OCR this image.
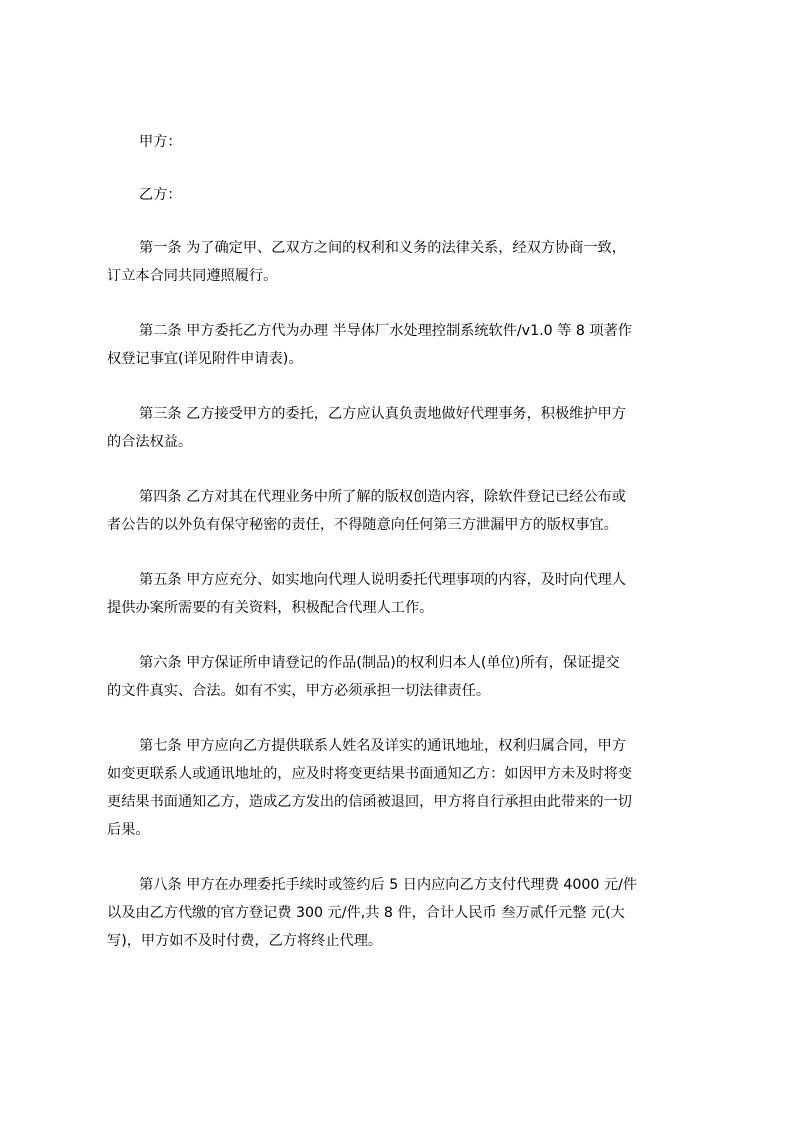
甲方：
乙方：
第一条 为了确定甲、乙双方之间的权利和义务的法律关系，经双方协商一致，
订立本合同共同遵照履行。
第二条 甲方委托乙方代为办理 半导体厂水处理控制系统软件/v1.0 等 8 项著作
权登记事宜(详见附件申请表)。
第三条 乙方接受甲方的委托，乙方应认真负责地做好代理事务，积极维护甲方
的合法权益。
第四条 乙方对其在代理业务中所了解的版权创造内容，除软件登记已经公布或
者公告的以外负有保守秘密的责任，不得随意向任何第三方泄漏甲方的版权事宜。
第五条 甲方应充分、如实地向代理人说明委托代理事项的内容，及时向代理人
提供办案所需要的有关资料，积极配合代理人工作。
第六条 甲方保证所申请登记的作品(制品)的权利归本人(单位)所有，保证提交
的文件真实、合法。如有不实，甲方必须承担一切法律责任。
第七条 甲方应向乙方提供联系人姓名及详实的通讯地址，权利归属合同，甲方
如变更联系人或通讯地址的，应及时将变更结果书面通知乙方：如因甲方未及时将变
更结果书面通知乙方，造成乙方发出的信函被退回，甲方将自行承担由此带来的一切
后果。
第八条 甲方在办理委托手续时或签约后 5 日内应向乙方支付代理费 4000 元/件
以及由乙方代缴的官方登记费 300 元/件,共 8 件，合计人民币 叁万贰仟元整 元(大
写)，甲方如不及时付费，乙方将终止代理。
